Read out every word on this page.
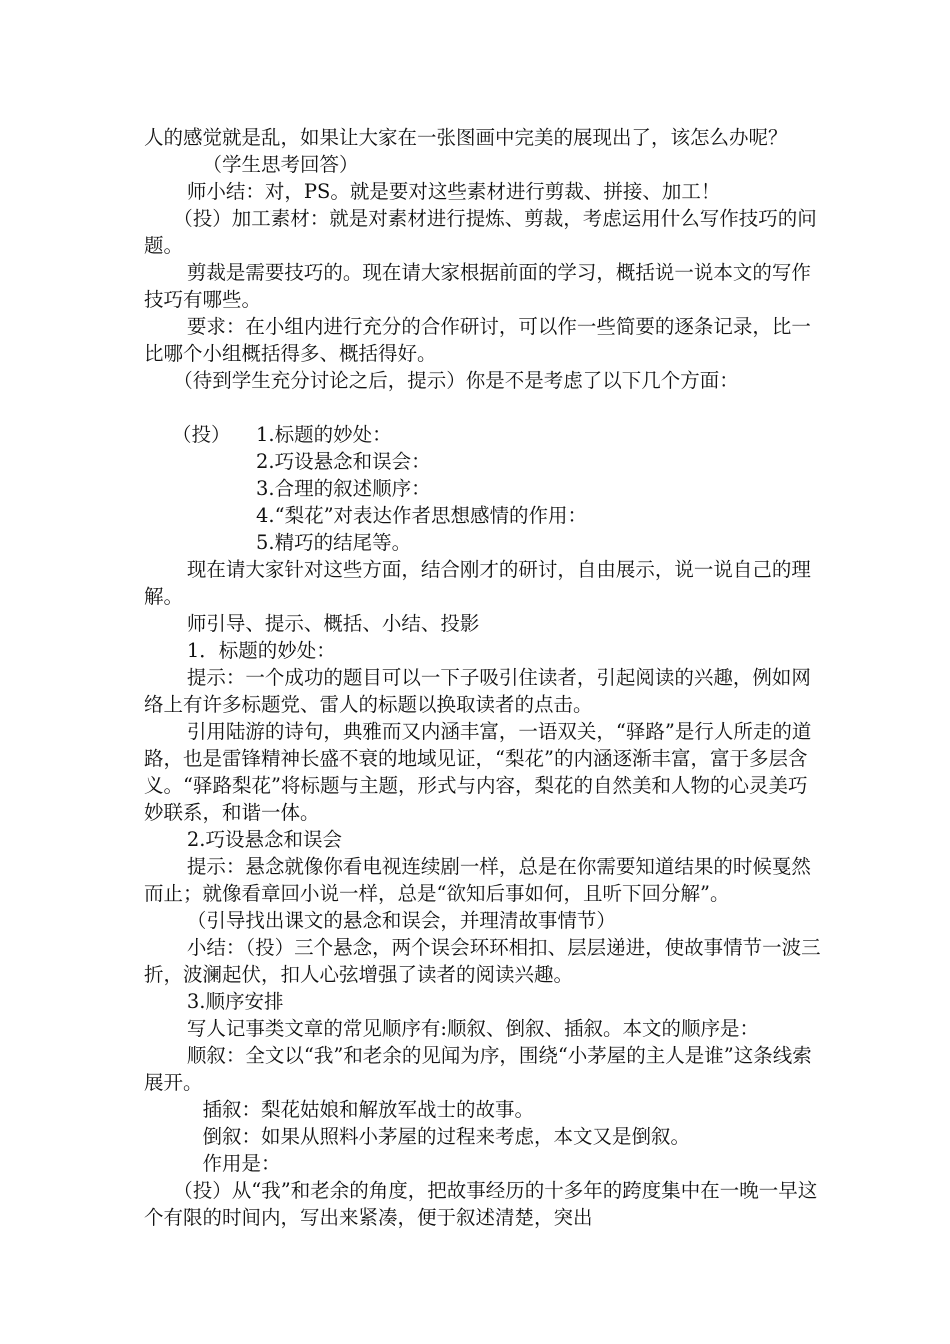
人的感觉就是乱，如果让大家在一张图画中完美的展现出了，该怎么办呢？

（学生思考回答）

师小结：对，PS。就是要对这些素材进行剪裁、拼接、加工！

（投）加工素材：就是对素材进行提炼、剪裁，考虑运用什么写作技巧的问题。

剪裁是需要技巧的。现在请大家根据前面的学习，概括说一说本文的写作技巧有哪些。

要求：在小组内进行充分的合作研讨，可以作一些简要的逐条记录，比一比哪个小组概括得多、概括得好。

（待到学生充分讨论之后，提示）你是不是考虑了以下几个方面：

（投）	1.标题的妙处：
2.巧设悬念和误会：
3.合理的叙述顺序：
4.“梨花”对表达作者思想感情的作用：
5.精巧的结尾等。

现在请大家针对这些方面，结合刚才的研讨，自由展示，说一说自己的理解。

师引导、提示、概括、小结、投影

1．标题的妙处：

提示：一个成功的题目可以一下子吸引住读者，引起阅读的兴趣，例如网络上有许多标题党、雷人的标题以换取读者的点击。

引用陆游的诗句，典雅而又内涵丰富，一语双关，“驿路”是行人所走的道路，也是雷锋精神长盛不衰的地域见证，“梨花”的内涵逐渐丰富，富于多层含义。“驿路梨花”将标题与主题，形式与内容，梨花的自然美和人物的心灵美巧妙联系，和谐一体。

2.巧设悬念和误会

提示：悬念就像你看电视连续剧一样，总是在你需要知道结果的时候戛然而止；就像看章回小说一样，总是“欲知后事如何，且听下回分解”。

（引导找出课文的悬念和误会，并理清故事情节）

小结：（投）三个悬念，两个误会环环相扣、层层递进，使故事情节一波三折，波澜起伏，扣人心弦增强了读者的阅读兴趣。

3.顺序安排

写人记事类文章的常见顺序有:顺叙、倒叙、插叙。本文的顺序是：

顺叙：全文以“我”和老余的见闻为序，围绕“小茅屋的主人是谁”这条线索展开。

插叙：梨花姑娘和解放军战士的故事。

倒叙：如果从照料小茅屋的过程来考虑，本文又是倒叙。

作用是：

（投）从“我”和老余的角度，把故事经历的十多年的跨度集中在一晚一早这个有限的时间内，写出来紧凑，便于叙述清楚，突出
